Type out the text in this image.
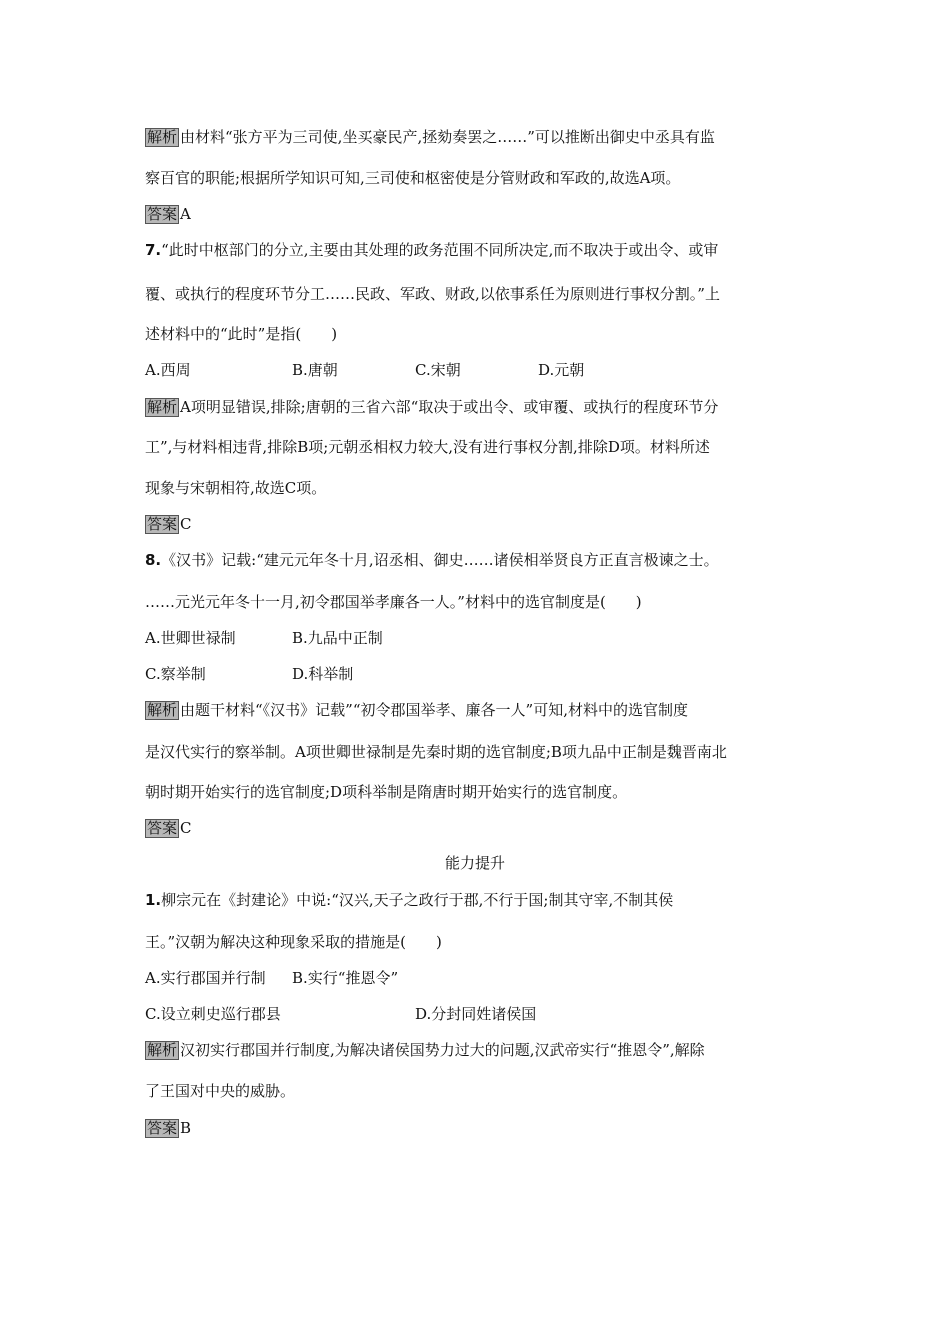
解析 由材料“张方平为三司使,坐买豪民产,拯劾奏罢之……”可以推断出御史中丞具有监
察百官的职能;根据所学知识可知,三司使和枢密使是分管财政和军政的,故选A项。
答案 A
7.“此时中枢部门的分立,主要由其处理的政务范围不同所决定,而不取决于或出令、或审
覆、或执行的程度环节分工……民政、军政、财政,以依事系任为原则进行事权分割。”上
述材料中的“此时”是指(　　)
A.西周	B.唐朝	C.宋朝	D.元朝
解析 A项明显错误,排除;唐朝的三省六部“取决于或出令、或审覆、或执行的程度环节分
工”,与材料相违背,排除B项;元朝丞相权力较大,没有进行事权分割,排除D项。材料所述
现象与宋朝相符,故选C项。
答案 C
8.《汉书》记载:“建元元年冬十月,诏丞相、御史……诸侯相举贤良方正直言极谏之士。
……元光元年冬十一月,初令郡国举孝廉各一人。”材料中的选官制度是(　　)
A.世卿世禄制	B.九品中正制
C.察举制	D.科举制
解析 由题干材料“《汉书》记载”“初令郡国举孝、廉各一人”可知,材料中的选官制度
是汉代实行的察举制。A项世卿世禄制是先秦时期的选官制度;B项九品中正制是魏晋南北
朝时期开始实行的选官制度;D项科举制是隋唐时期开始实行的选官制度。
答案 C
能力提升
1.柳宗元在《封建论》中说:“汉兴,天子之政行于郡,不行于国;制其守宰,不制其侯
王。”汉朝为解决这种现象采取的措施是(　　)
A.实行郡国并行制 B.实行“推恩令”
C.设立刺史巡行郡县	D.分封同姓诸侯国
解析 汉初实行郡国并行制度,为解决诸侯国势力过大的问题,汉武帝实行“推恩令”,解除
了王国对中央的威胁。
答案 B
